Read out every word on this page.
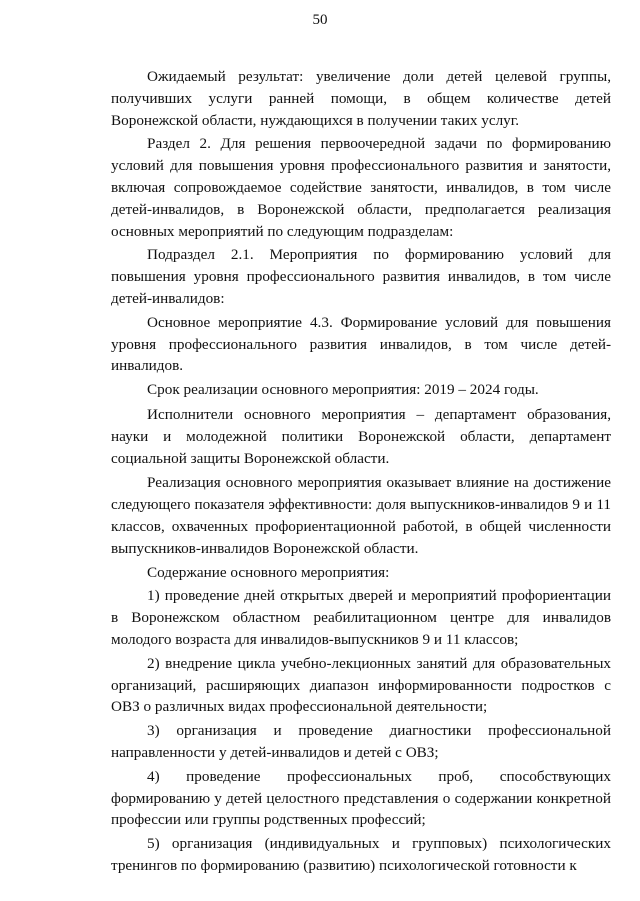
50

Ожидаемый результат: увеличение доли детей целевой группы, получивших услуги ранней помощи, в общем количестве детей Воронежской области, нуждающихся в получении таких услуг.

Раздел 2. Для решения первоочередной задачи по формированию условий для повышения уровня профессионального развития и занятости, включая сопровождаемое содействие занятости, инвалидов, в том числе детей-инвалидов, в Воронежской области, предполагается реализация основных мероприятий по следующим подразделам:

Подраздел 2.1. Мероприятия по формированию условий для повышения уровня профессионального развития инвалидов, в том числе детей-инвалидов:

Основное мероприятие 4.3. Формирование условий для повышения уровня профессионального развития инвалидов, в том числе детей-инвалидов.

Срок реализации основного мероприятия: 2019 – 2024 годы.

Исполнители основного мероприятия – департамент образования, науки и молодежной политики Воронежской области, департамент социальной защиты Воронежской области.

Реализация основного мероприятия оказывает влияние на достижение следующего показателя эффективности: доля выпускников-инвалидов 9 и 11 классов, охваченных профориентационной работой, в общей численности выпускников-инвалидов Воронежской области.

Содержание основного мероприятия:

1) проведение дней открытых дверей и мероприятий профориентации в Воронежском областном реабилитационном центре для инвалидов молодого возраста для инвалидов-выпускников 9 и 11 классов;

2) внедрение цикла учебно-лекционных занятий для образовательных организаций, расширяющих диапазон информированности подростков с ОВЗ о различных видах профессиональной деятельности;

3) организация и проведение диагностики профессиональной направленности у детей-инвалидов и детей с ОВЗ;

4) проведение профессиональных проб, способствующих формированию у детей целостного представления о содержании конкретной профессии или группы родственных профессий;

5) организация (индивидуальных и групповых) психологических тренингов по формированию (развитию) психологической готовности к
